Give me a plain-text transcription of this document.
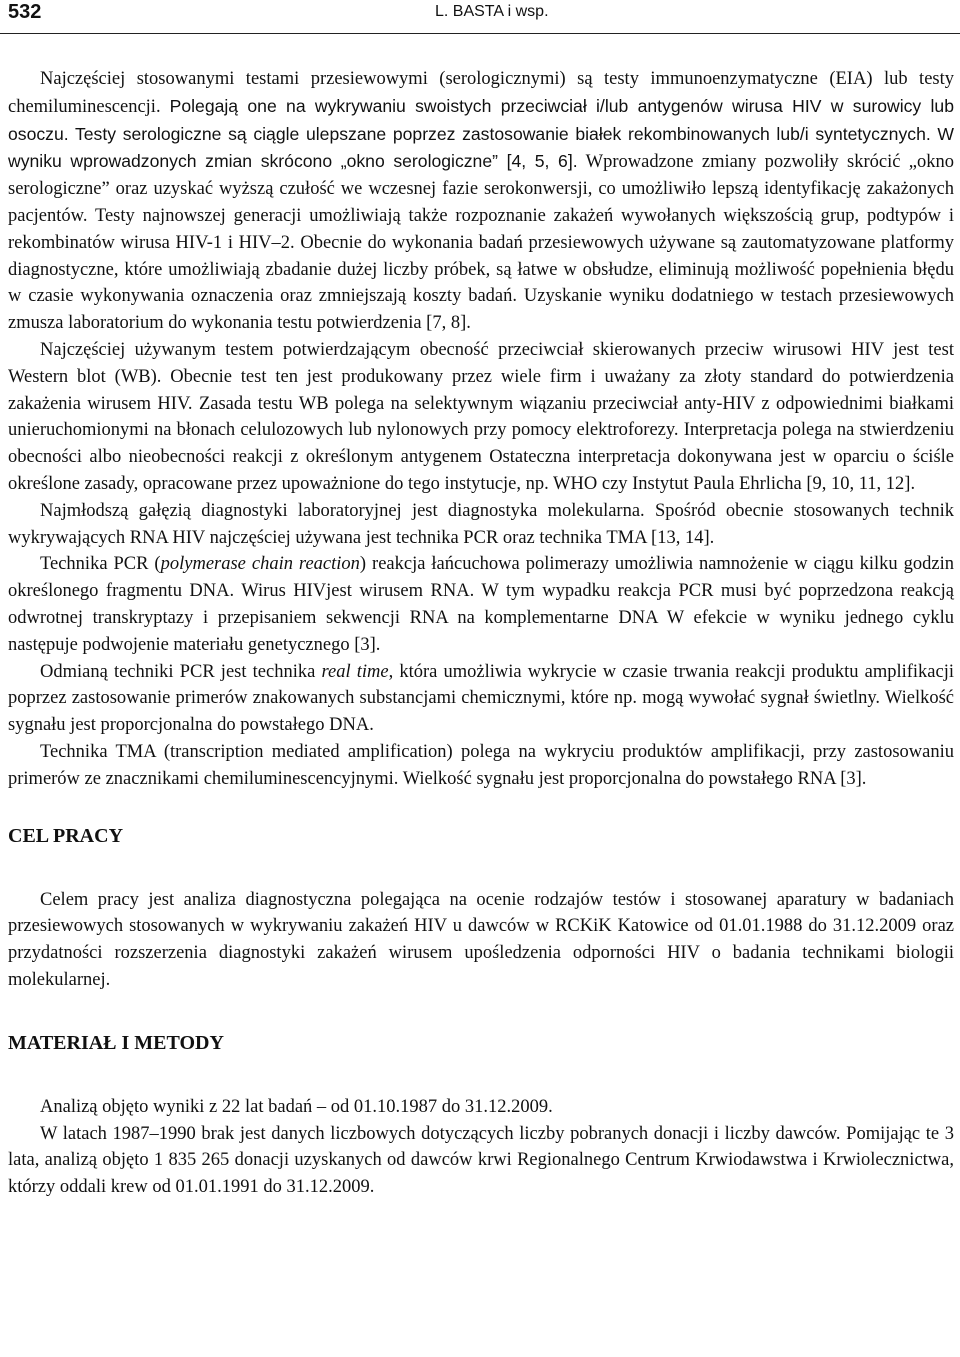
532	L. BASTA i wsp.

Najczęściej stosowanymi testami przesiewowymi (serologicznymi) są testy immunoenzymatyczne (EIA) lub testy chemiluminescencji. Polegają one na wykrywaniu swoistych przeciwciał i/lub antygenów wirusa HIV w surowicy lub osoczu. Testy serologiczne są ciągle ulepszane poprzez zastosowanie białek rekombinowanych lub/i syntetycznych. W wyniku wprowadzonych zmian skrócono „okno serologiczne” [4, 5, 6]. Wprowadzone zmiany pozwoliły skrócić „okno serologiczne” oraz uzyskać wyższą czułość we wczesnej fazie serokonwersji, co umożliwiło lepszą identyfikację zakażonych pacjentów. Testy najnowszej generacji umożliwiają także rozpoznanie zakażeń wywołanych większością grup, podtypów i rekombinatów wirusa HIV-1 i HIV–2. Obecnie do wykonania badań przesiewowych używane są zautomatyzowane platformy diagnostyczne, które umożliwiają zbadanie dużej liczby próbek, są łatwe w obsłudze, eliminują możliwość popełnienia błędu w czasie wykonywania oznaczenia oraz zmniejszają koszty badań. Uzyskanie wyniku dodatniego w testach przesiewowych zmusza laboratorium do wykonania testu potwierdzenia [7, 8].

Najczęściej używanym testem potwierdzającym obecność przeciwciał skierowanych przeciw wirusowi HIV jest test Western blot (WB). Obecnie test ten jest produkowany przez wiele firm i uważany za złoty standard do potwierdzenia zakażenia wirusem HIV. Zasada testu WB polega na selektywnym wiązaniu przeciwciał anty-HIV z odpowiednimi białkami unieruchomionymi na błonach celulozowych lub nylonowych przy pomocy elektroforezy. Interpretacja polega na stwierdzeniu obecności albo nieobecności reakcji z określonym antygenem Ostateczna interpretacja dokonywana jest w oparciu o ściśle określone zasady, opracowane przez upoważnione do tego instytucje, np. WHO czy Instytut Paula Ehrlicha [9, 10, 11, 12].

Najmłodszą gałęzią diagnostyki laboratoryjnej jest diagnostyka molekularna. Spośród obecnie stosowanych technik wykrywających RNA HIV najczęściej używana jest technika PCR oraz technika TMA [13, 14].

Technika PCR (polymerase chain reaction) reakcja łańcuchowa polimerazy umożliwia namnożenie w ciągu kilku godzin określonego fragmentu DNA. Wirus HIVjest wirusem RNA. W tym wypadku reakcja PCR musi być poprzedzona reakcją odwrotnej transkryptazy i przepisaniem sekwencji RNA na komplementarne DNA W efekcie w wyniku jednego cyklu następuje podwojenie materiału genetycznego [3].

Odmianą techniki PCR jest technika real time, która umożliwia wykrycie w czasie trwania reakcji produktu amplifikacji poprzez zastosowanie primerów znakowanych substancjami chemicznymi, które np. mogą wywołać sygnał świetlny. Wielkość sygnału jest proporcjonalna do powstałego DNA.

Technika TMA (transcription mediated amplification) polega na wykryciu produktów amplifikacji, przy zastosowaniu primerów ze znacznikami chemiluminescencyjnymi. Wielkość sygnału jest proporcjonalna do powstałego RNA [3].

CEL PRACY

Celem pracy jest analiza diagnostyczna polegająca na ocenie rodzajów testów i stosowanej aparatury w badaniach przesiewowych stosowanych w wykrywaniu zakażeń HIV u dawców w RCKiK Katowice od 01.01.1988 do 31.12.2009 oraz przydatności rozszerzenia diagnostyki zakażeń wirusem upośledzenia odporności HIV o badania technikami biologii molekularnej.

MATERIAŁ I METODY

Analizą objęto wyniki z 22 lat badań – od 01.10.1987 do 31.12.2009.

W latach 1987–1990 brak jest danych liczbowych dotyczących liczby pobranych donacji i liczby dawców. Pomijając te 3 lata, analizą objęto 1 835 265 donacji uzyskanych od dawców krwi Regionalnego Centrum Krwiodawstwa i Krwiolecznictwa, którzy oddali krew od 01.01.1991 do 31.12.2009.
